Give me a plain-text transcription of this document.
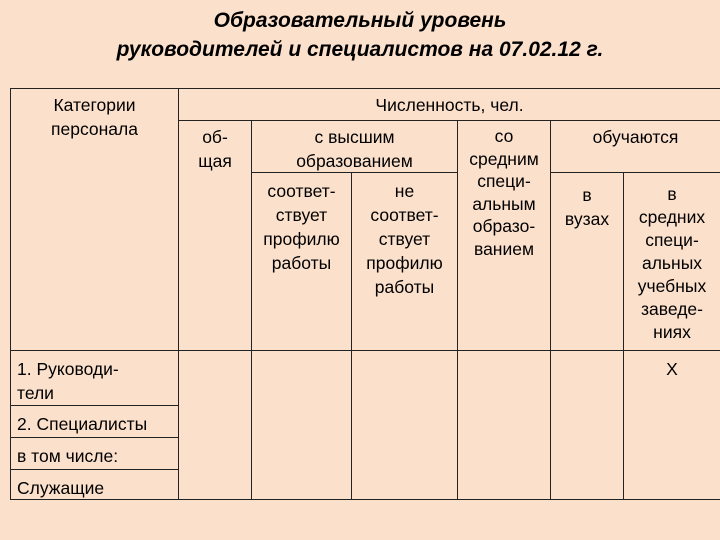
Образовательный уровень
руководителей и специалистов на 07.02.12 г.
Категории
персонала
Численность, чел.
об-
щая
с высшим
образованием
соответ-
ствует
профилю
работы
не
соответ-
ствует
профилю
работы
со
средним
специ-
альным
образо-
ванием
обучаются
в
вузах
в
средних
специ-
альных
учебных
заведе-
ниях
1. Руководи-
тели
2. Специалисты
в том числе:
Служащие
Х
